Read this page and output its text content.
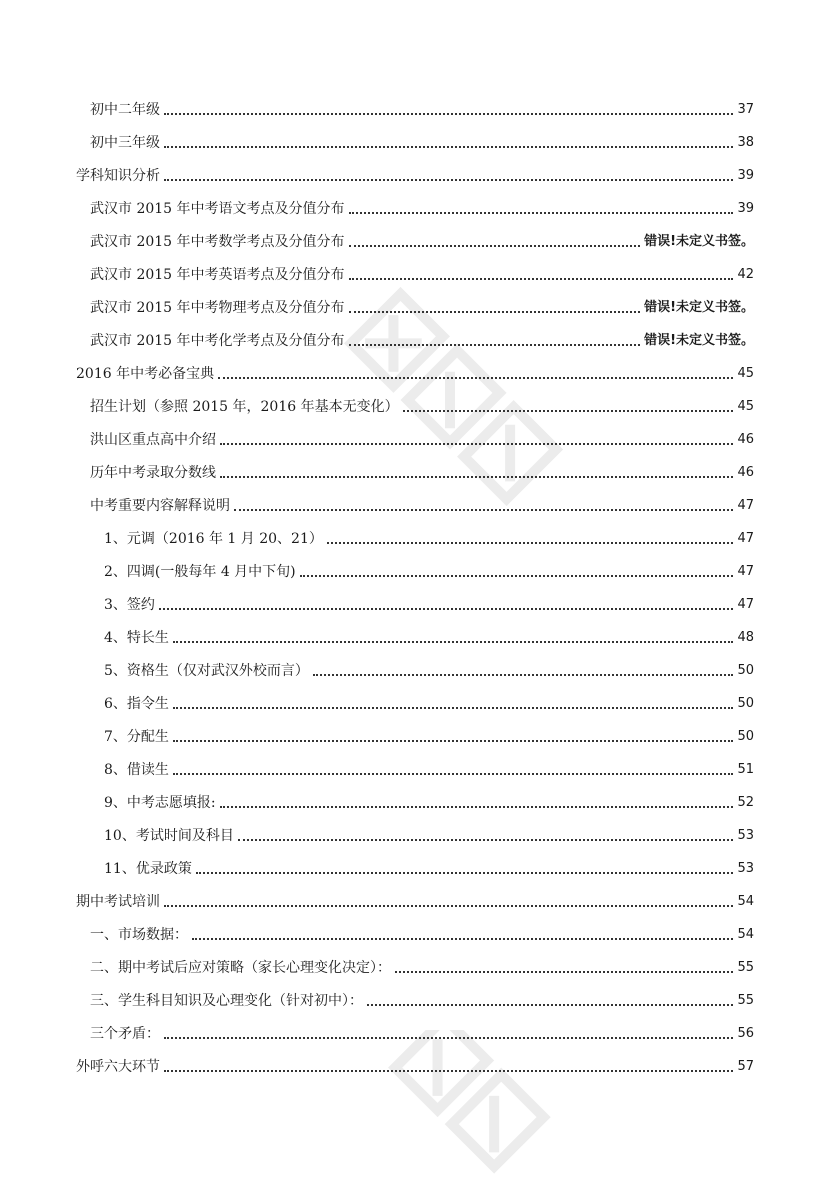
初中二年级	37
初中三年级	38
学科知识分析	39
武汉市 2015 年中考语文考点及分值分布	39
武汉市 2015 年中考数学考点及分值分布	错误!未定义书签。
武汉市 2015 年中考英语考点及分值分布	42
武汉市 2015 年中考物理考点及分值分布	错误!未定义书签。
武汉市 2015 年中考化学考点及分值分布	错误!未定义书签。
2016 年中考必备宝典	45
招生计划（参照 2015 年，2016 年基本无变化）	45
洪山区重点高中介绍	46
历年中考录取分数线	46
中考重要内容解释说明	47
1、元调（2016 年 1 月 20、21）	47
2、四调(一般每年 4 月中下旬)	47
3、签约	47
4、特长生	48
5、资格生（仅对武汉外校而言）	50
6、指令生	50
7、分配生	50
8、借读生	51
9、中考志愿填报:	52
10、考试时间及科目	53
11、优录政策	53
期中考试培训	54
一、市场数据：	54
二、期中考试后应对策略（家长心理变化决定）：	55
三、学生科目知识及心理变化（针对初中）：	55
三个矛盾：	56
外呼六大环节	57
